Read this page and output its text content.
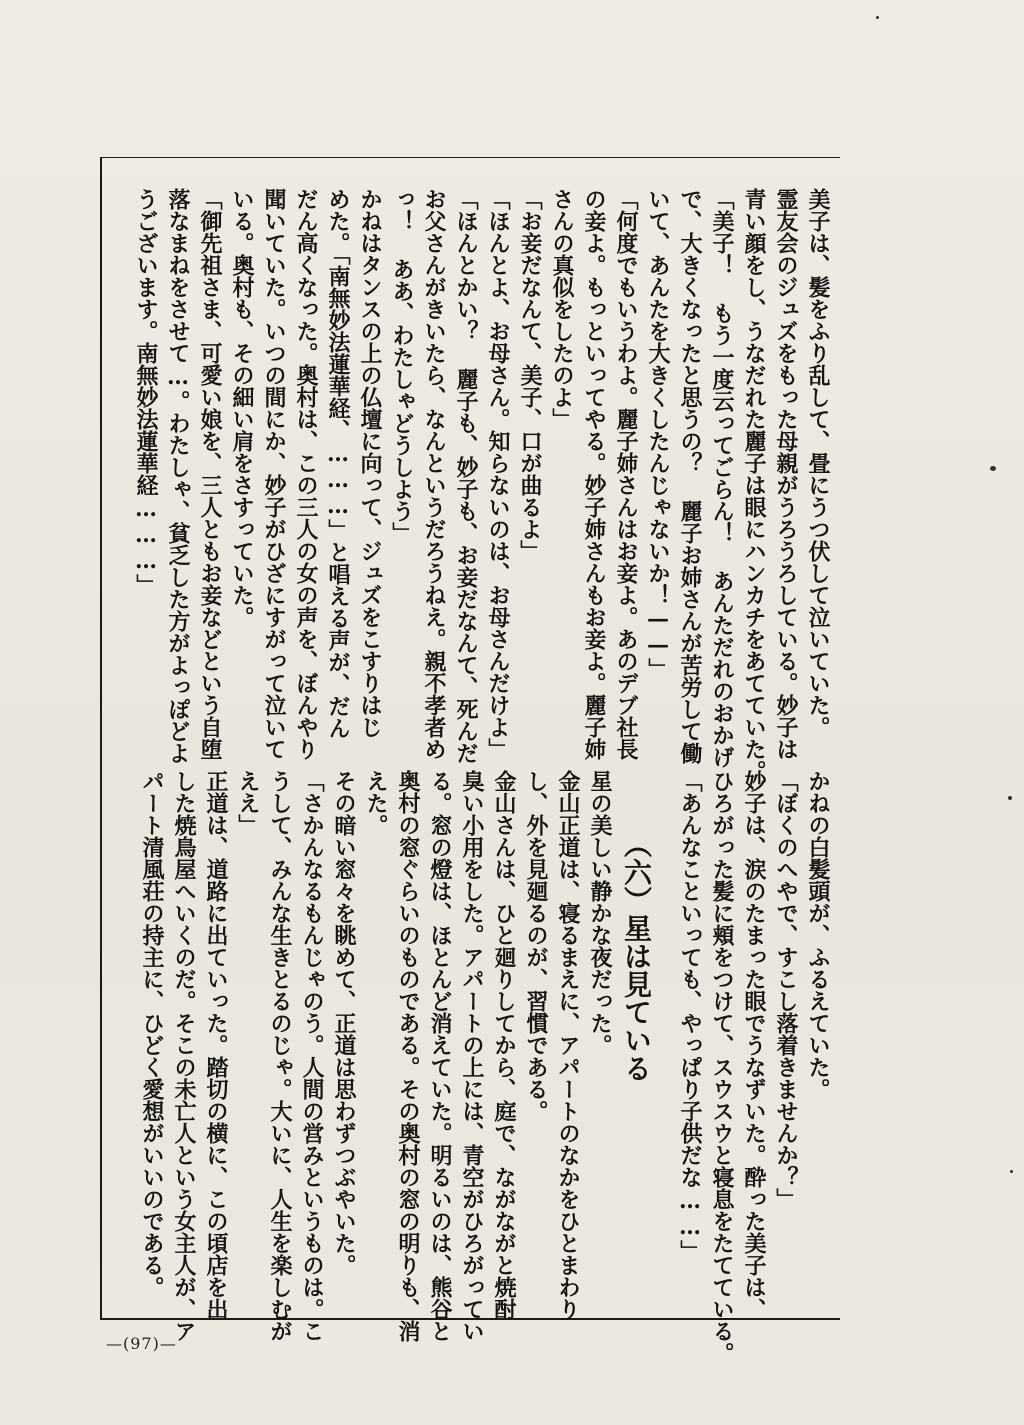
美子は、髪をふり乱して、畳にうつ伏して泣いていた。
霊友会のジュズをもった母親がうろうろしている。妙子は
青い顔をし、うなだれた麗子は眼にハンカチをあてていた。
「美子！ もう一度云ってごらん！ あんただれのおかげ
で、大きくなったと思うの？ 麗子お姉さんが苦労して働
いて、あんたを大きくしたんじゃないか！——」
「何度でもいうわよ。麗子姉さんはお妾よ。あのデブ社長
の妾よ。もっといってやる。妙子姉さんもお妾よ。麗子姉
さんの真似をしたのよ」
「お妾だなんて、美子、口が曲るよ」
「ほんとよ、お母さん。知らないのは、お母さんだけよ」
「ほんとかい？ 麗子も、妙子も、お妾だなんて、死んだ
お父さんがきいたら、なんというだろうねえ。親不孝者め
っ！ ああ、わたしゃどうしよう」
かねはタンスの上の仏壇に向って、ジュズをこすりはじ
めた。「南無妙法蓮華経、………」と唱える声が、だん
だん高くなった。奥村は、この三人の女の声を、ぼんやり
聞いていた。いつの間にか、妙子がひざにすがって泣いて
いる。奥村も、その細い肩をさすっていた。
「御先祖さま、可愛い娘を、三人ともお妾などという自堕
落なまねをさせて…。わたしゃ、貧乏した方がよっぽどよ
うございます。南無妙法蓮華経………」
かねの白髪頭が、ふるえていた。
「ぼくのへやで、すこし落着きませんか？」
妙子は、涙のたまった眼でうなずいた。酔った美子は、
ひろがった髪に頬をつけて、スウスウと寝息をたてている。
「あんなこといっても、やっぱり子供だな……」
（六）星は見ている
星の美しい静かな夜だった。
金山正道は、寝るまえに、アパートのなかをひとまわり
し、外を見廻るのが、習慣である。
金山さんは、ひと廻りしてから、庭で、ながながと焼酎
臭い小用をした。アパートの上には、青空がひろがってい
る。窓の燈は、ほとんど消えていた。明るいのは、熊谷と
奥村の窓ぐらいのものである。その奥村の窓の明りも、消
えた。
その暗い窓々を眺めて、正道は思わずつぶやいた。
「さかんなるもんじゃのう。人間の営みというものは。こ
うして、みんな生きとるのじゃ。大いに、人生を楽しむが
ええ」
正道は、道路に出ていった。踏切の横に、この頃店を出
した焼鳥屋へいくのだ。そこの未亡人という女主人が、ア
パート清風荘の持主に、ひどく愛想がいいのである。
—(97)—
